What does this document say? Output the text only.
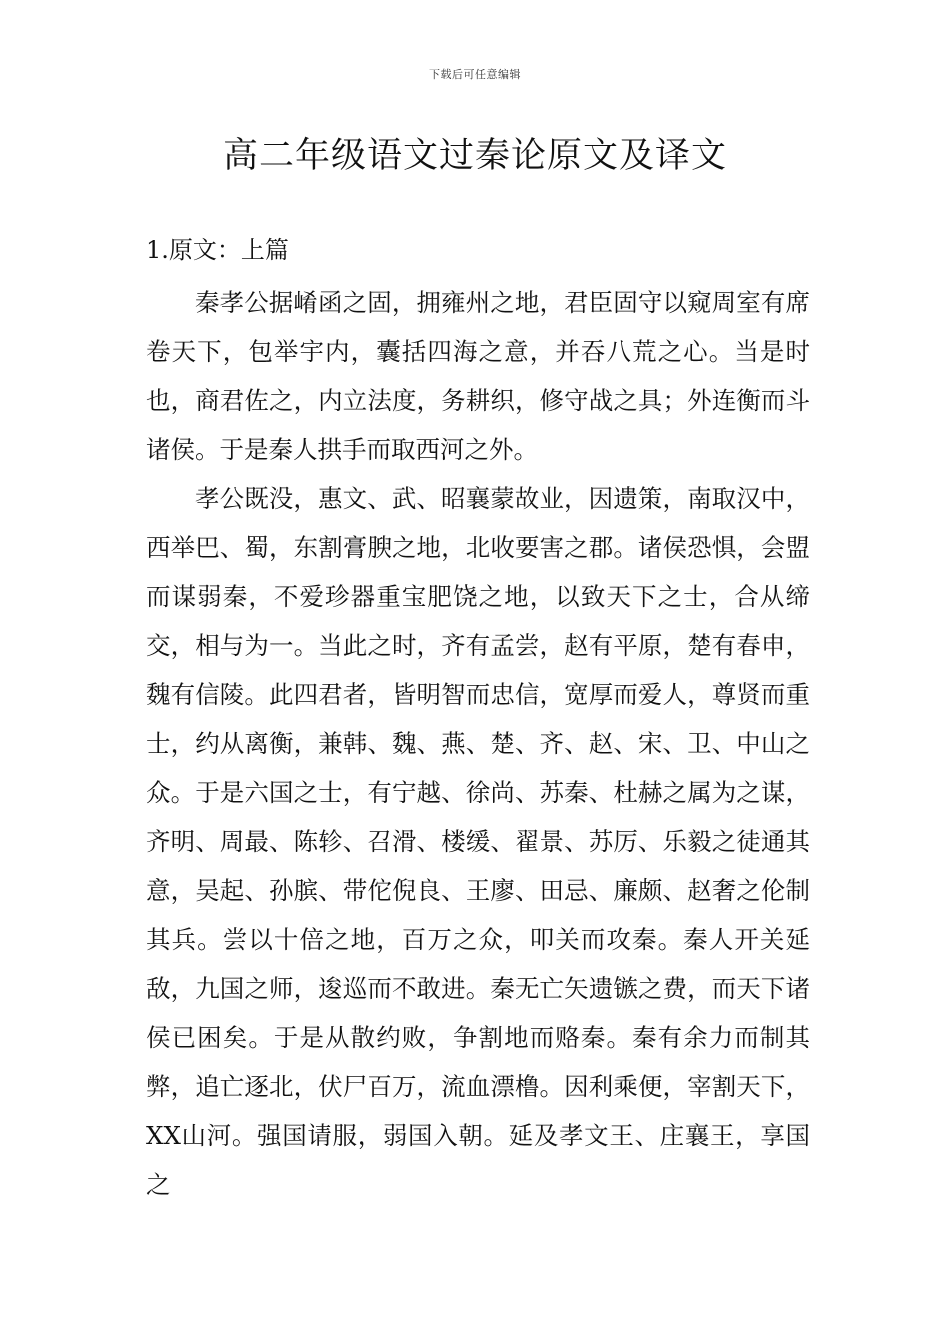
下载后可任意编辑
高二年级语文过秦论原文及译文
1.原文：上篇

秦孝公据崤函之固，拥雍州之地，君臣固守以窥周室有席卷天下，包举宇内，囊括四海之意，并吞八荒之心。当是时也，商君佐之，内立法度，务耕织，修守战之具；外连衡而斗诸侯。于是秦人拱手而取西河之外。

孝公既没，惠文、武、昭襄蒙故业，因遗策，南取汉中，西举巴、蜀，东割膏腴之地，北收要害之郡。诸侯恐惧，会盟而谋弱秦，不爱珍器重宝肥饶之地，以致天下之士，合从缔交，相与为一。当此之时，齐有孟尝，赵有平原，楚有春申，魏有信陵。此四君者，皆明智而忠信，宽厚而爱人，尊贤而重士，约从离衡，兼韩、魏、燕、楚、齐、赵、宋、卫、中山之众。于是六国之士，有宁越、徐尚、苏秦、杜赫之属为之谋，齐明、周最、陈轸、召滑、楼缓、翟景、苏厉、乐毅之徒通其意，吴起、孙膑、带佗倪良、王廖、田忌、廉颇、赵奢之伦制其兵。尝以十倍之地，百万之众，叩关而攻秦。秦人开关延敌，九国之师，逡巡而不敢进。秦无亡矢遗镞之费，而天下诸侯已困矣。于是从散约败，争割地而赂秦。秦有余力而制其弊，追亡逐北，伏尸百万，流血漂橹。因利乘便，宰割天下，XX山河。强国请服，弱国入朝。延及孝文王、庄襄王，享国之
